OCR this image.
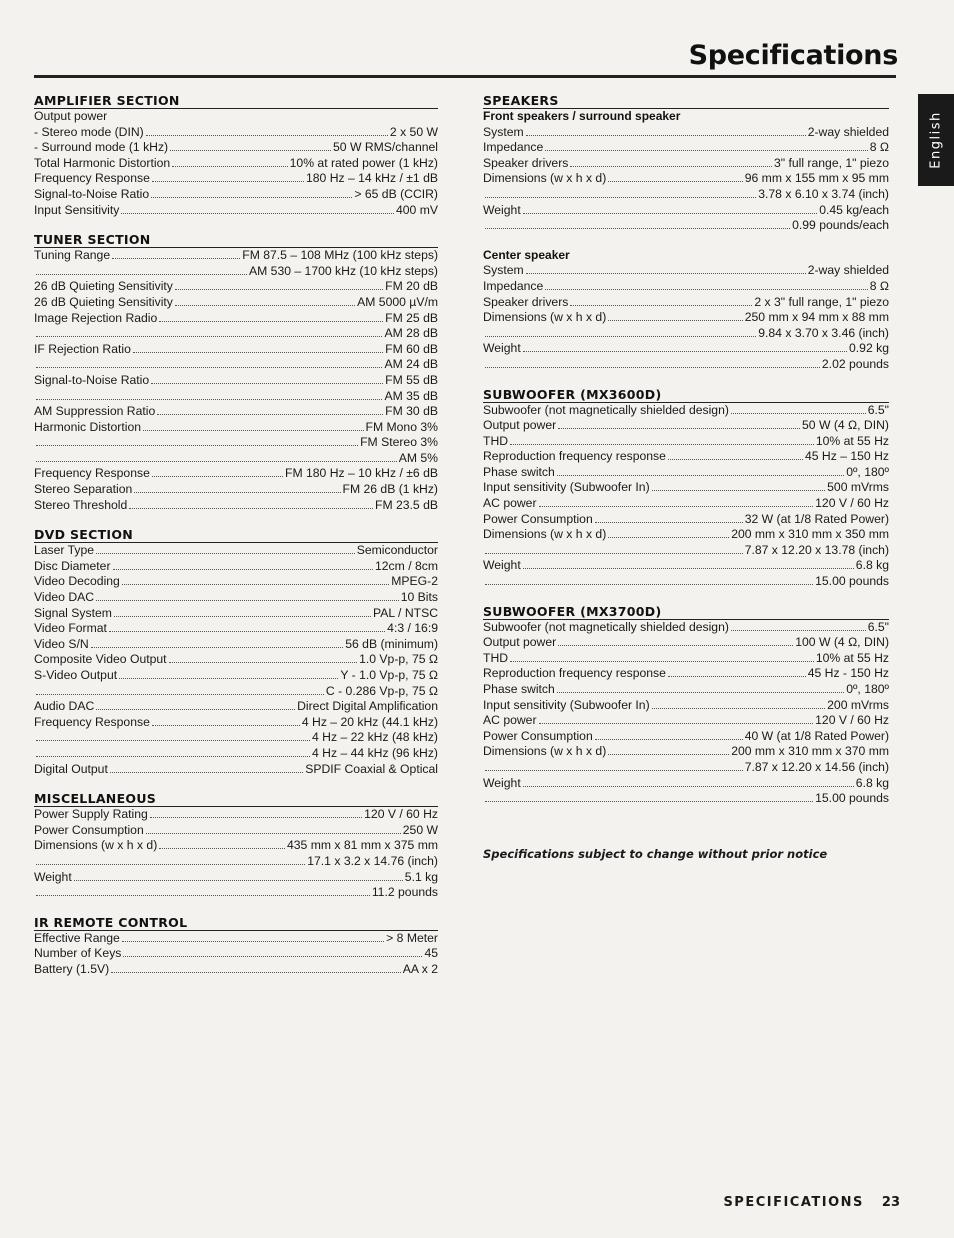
Specifications
English
AMPLIFIER SECTION
Output power
- Stereo mode (DIN)	2 x 50 W
- Surround mode (1 kHz)	50 W RMS/channel
Total Harmonic Distortion	10% at rated power (1 kHz)
Frequency Response	180 Hz – 14 kHz / ±1 dB
Signal-to-Noise Ratio	> 65 dB (CCIR)
Input Sensitivity	400 mV
TUNER SECTION
Tuning Range	FM 87.5 – 108 MHz (100 kHz steps)
AM 530 – 1700 kHz (10 kHz steps)
26 dB Quieting Sensitivity	FM 20 dB
26 dB Quieting Sensitivity	AM 5000 µV/m
Image Rejection Radio	FM 25 dB
AM 28 dB
IF Rejection Ratio	FM 60 dB
AM 24 dB
Signal-to-Noise Ratio	FM 55 dB
AM 35 dB
AM Suppression Ratio	FM 30 dB
Harmonic Distortion	FM Mono 3%
FM Stereo 3%
AM 5%
Frequency Response	FM 180 Hz – 10 kHz / ±6 dB
Stereo Separation	FM 26 dB (1 kHz)
Stereo Threshold	FM 23.5 dB
DVD SECTION
Laser Type	Semiconductor
Disc Diameter	12cm / 8cm
Video Decoding	MPEG-2
Video DAC	10 Bits
Signal System	PAL / NTSC
Video Format	4:3 / 16:9
Video S/N	56 dB (minimum)
Composite Video Output	1.0 Vp-p, 75 Ω
S-Video Output	Y - 1.0 Vp-p, 75 Ω
C - 0.286 Vp-p, 75 Ω
Audio DAC	Direct Digital Amplification
Frequency Response	4 Hz – 20 kHz (44.1 kHz)
4 Hz – 22 kHz (48 kHz)
4 Hz – 44 kHz (96 kHz)
Digital Output	SPDIF Coaxial & Optical
MISCELLANEOUS
Power Supply Rating	120 V / 60 Hz
Power Consumption	250 W
Dimensions (w x h x d)	435 mm x 81 mm x 375 mm
17.1 x 3.2 x 14.76 (inch)
Weight	5.1 kg
11.2 pounds
IR REMOTE CONTROL
Effective Range	> 8 Meter
Number of Keys	45
Battery (1.5V)	AA x 2
SPEAKERS
Front speakers / surround speaker
System	2-way shielded
Impedance	8 Ω
Speaker drivers	3" full range, 1" piezo
Dimensions (w x h x d)	96 mm x 155 mm x 95 mm
3.78 x 6.10 x 3.74 (inch)
Weight	0.45 kg/each
0.99 pounds/each
Center speaker
System	2-way shielded
Impedance	8 Ω
Speaker drivers	2 x 3" full range, 1" piezo
Dimensions (w x h x d)	250 mm x 94 mm x 88 mm
9.84 x 3.70 x 3.46 (inch)
Weight	0.92 kg
2.02 pounds
SUBWOOFER (MX3600D)
Subwoofer (not magnetically shielded design)	6.5"
Output power	50 W (4 Ω, DIN)
THD	10% at 55 Hz
Reproduction frequency response	45 Hz – 150 Hz
Phase switch	0º, 180º
Input sensitivity (Subwoofer In)	500 mVrms
AC power	120 V / 60 Hz
Power Consumption	32 W (at 1/8 Rated Power)
Dimensions (w x h x d)	200 mm x 310 mm x 350 mm
7.87 x 12.20 x 13.78 (inch)
Weight	6.8 kg
15.00 pounds
SUBWOOFER (MX3700D)
Subwoofer (not magnetically shielded design)	6.5"
Output power	100 W (4 Ω, DIN)
THD	10% at 55 Hz
Reproduction frequency response	45 Hz - 150 Hz
Phase switch	0º, 180º
Input sensitivity (Subwoofer In)	200 mVrms
AC power	120 V / 60 Hz
Power Consumption	40 W (at 1/8 Rated Power)
Dimensions (w x h x d)	200 mm x 310 mm x 370 mm
7.87 x 12.20 x 14.56 (inch)
Weight	6.8 kg
15.00 pounds
Specifications subject to change without prior notice
SPECIFICATIONS 23
